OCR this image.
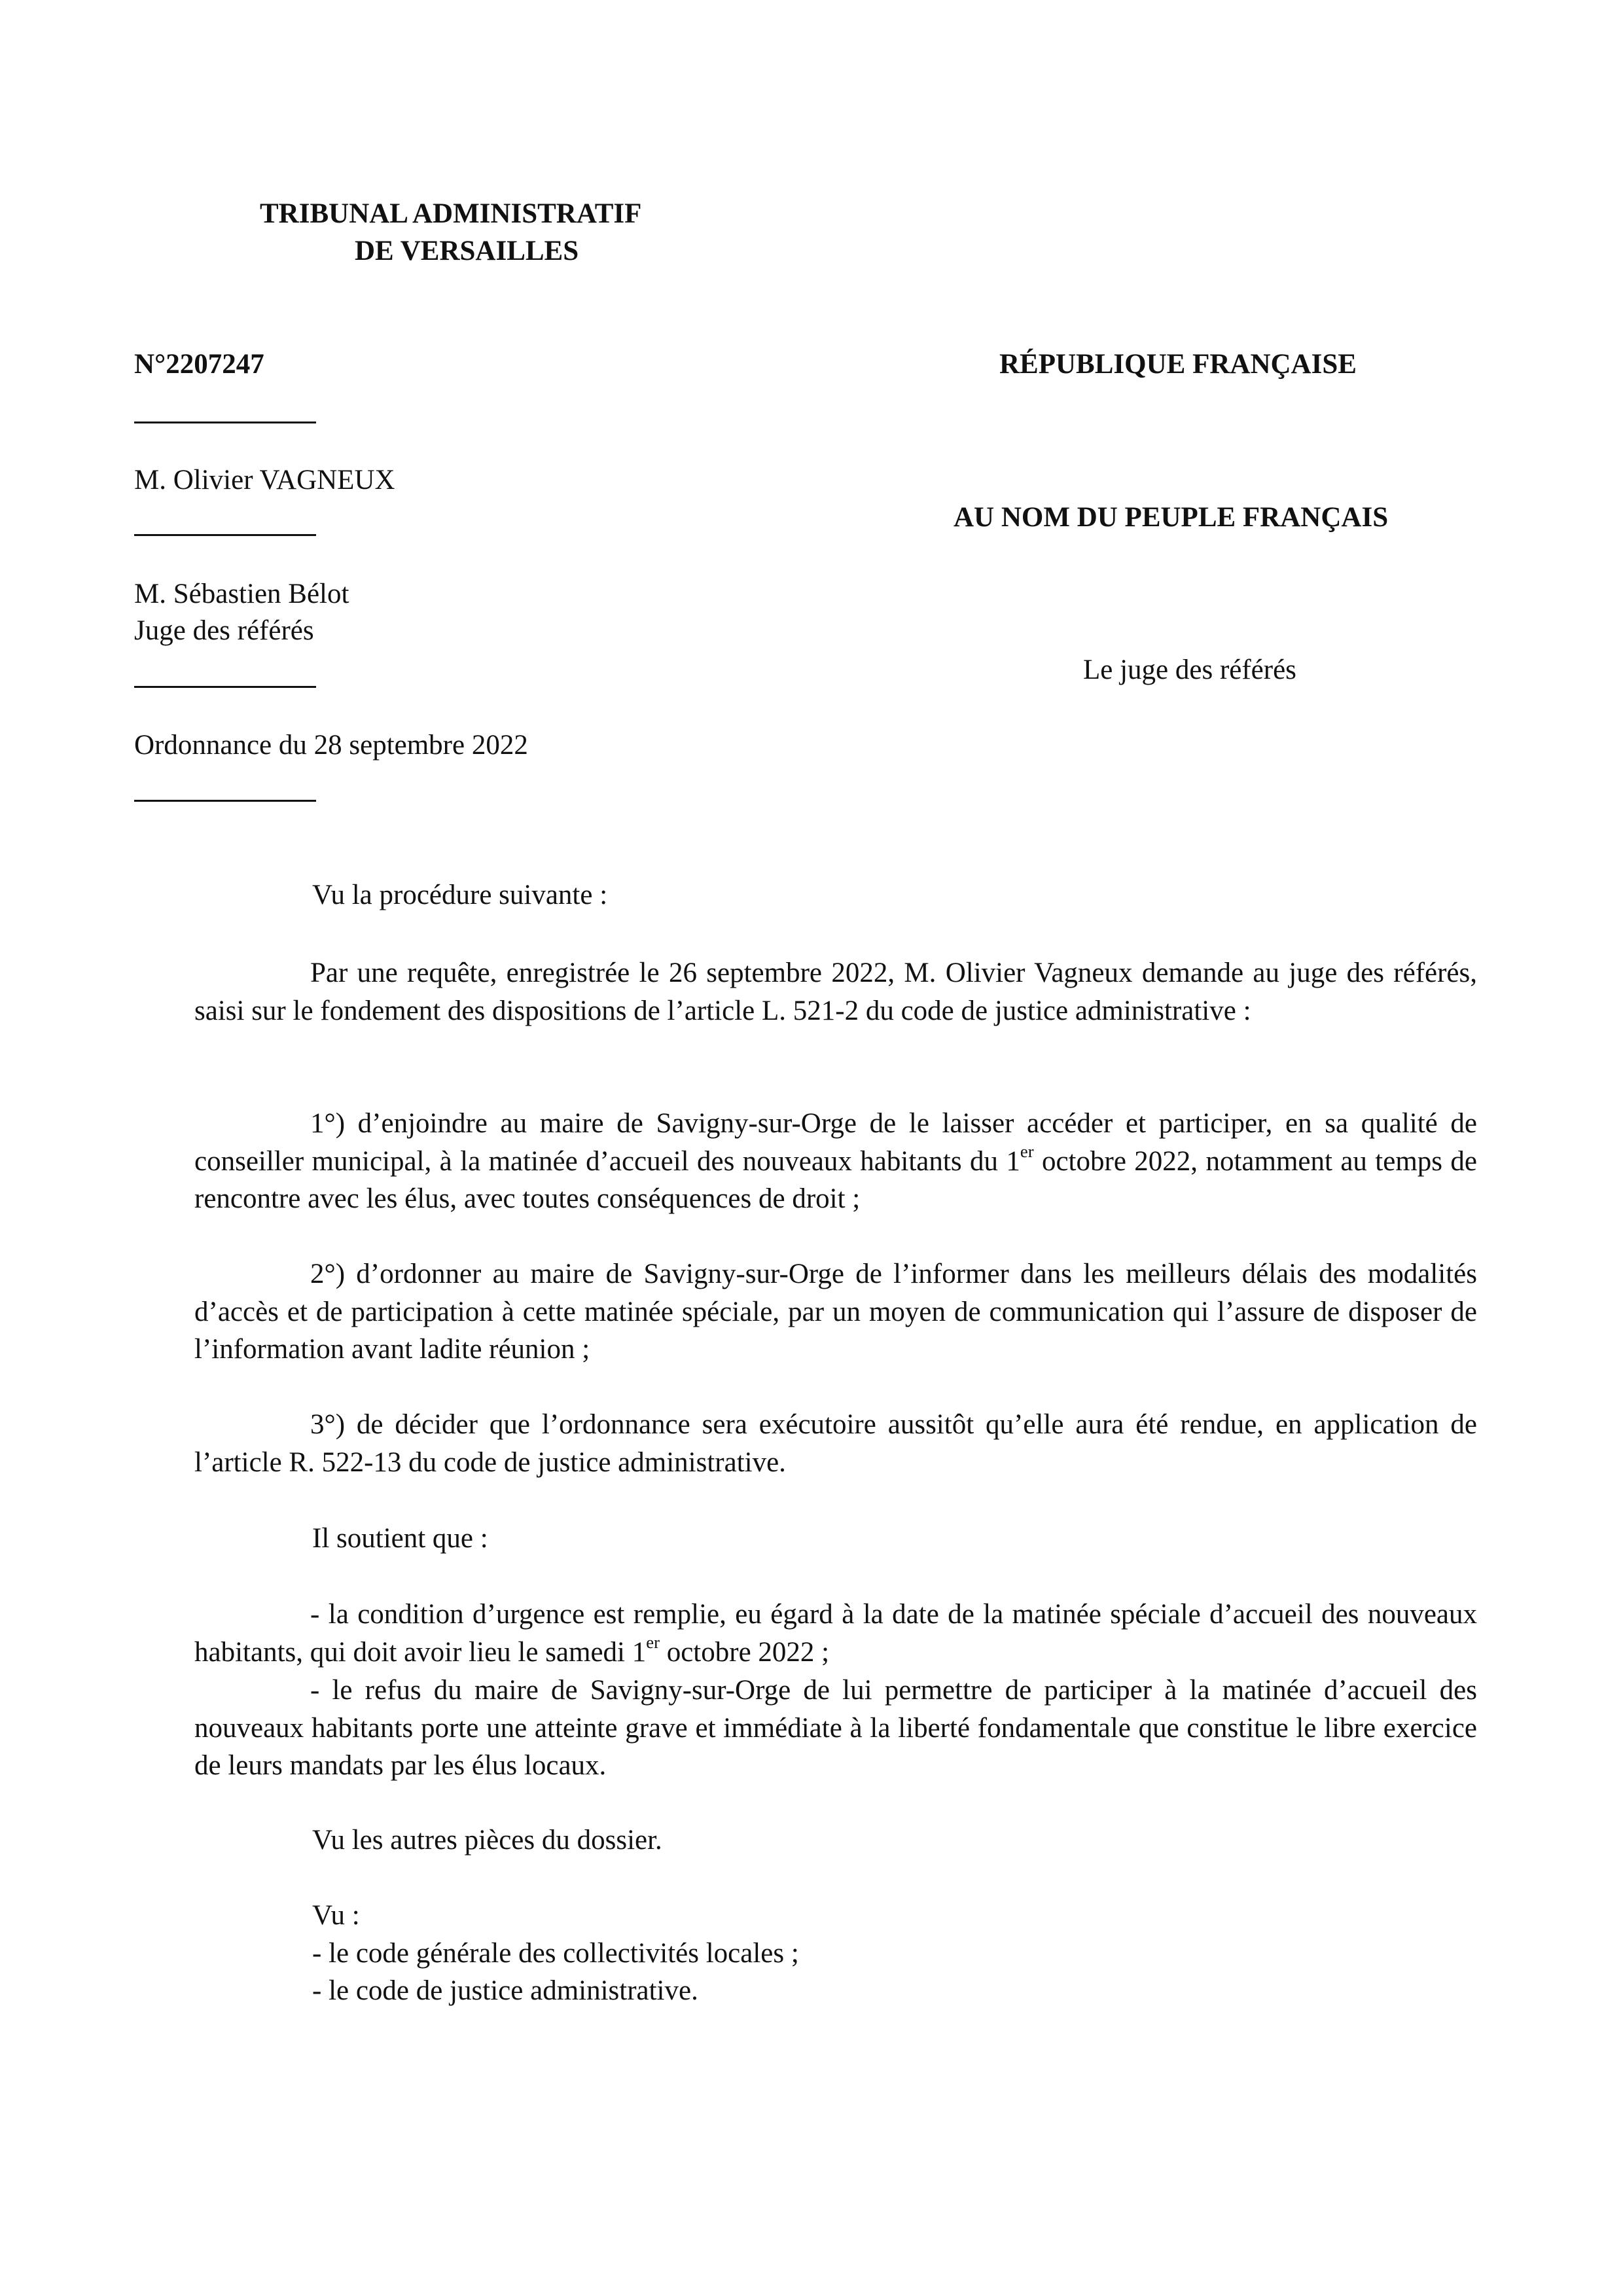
TRIBUNAL ADMINISTRATIF
DE VERSAILLES
N°2207247
M. Olivier VAGNEUX
M. Sébastien Bélot
Juge des référés
Ordonnance du 28 septembre 2022
RÉPUBLIQUE FRANÇAISE
AU NOM DU PEUPLE FRANÇAIS
Le juge des référés
Vu la procédure suivante :

Par une requête, enregistrée le 26 septembre 2022, M. Olivier Vagneux demande au juge des référés, saisi sur le fondement des dispositions de l’article L. 521-2 du code de justice administrative :

1°) d’enjoindre au maire de Savigny-sur-Orge de le laisser accéder et participer, en sa qualité de conseiller municipal, à la matinée d’accueil des nouveaux habitants du 1er octobre 2022, notamment au temps de rencontre avec les élus, avec toutes conséquences de droit ;

2°) d’ordonner au maire de Savigny-sur-Orge de l’informer dans les meilleurs délais des modalités d’accès et de participation à cette matinée spéciale, par un moyen de communication qui l’assure de disposer de l’information avant ladite réunion ;

3°) de décider que l’ordonnance sera exécutoire aussitôt qu’elle aura été rendue, en application de l’article R. 522-13 du code de justice administrative.

Il soutient que :

- la condition d’urgence est remplie, eu égard à la date de la matinée spéciale d’accueil des nouveaux habitants, qui doit avoir lieu le samedi 1er octobre 2022 ;

- le refus du maire de Savigny-sur-Orge de lui permettre de participer à la matinée d’accueil des nouveaux habitants porte une atteinte grave et immédiate à la liberté fondamentale que constitue le libre exercice de leurs mandats par les élus locaux.

Vu les autres pièces du dossier.
Vu :
- le code générale des collectivités locales ;
- le code de justice administrative.
